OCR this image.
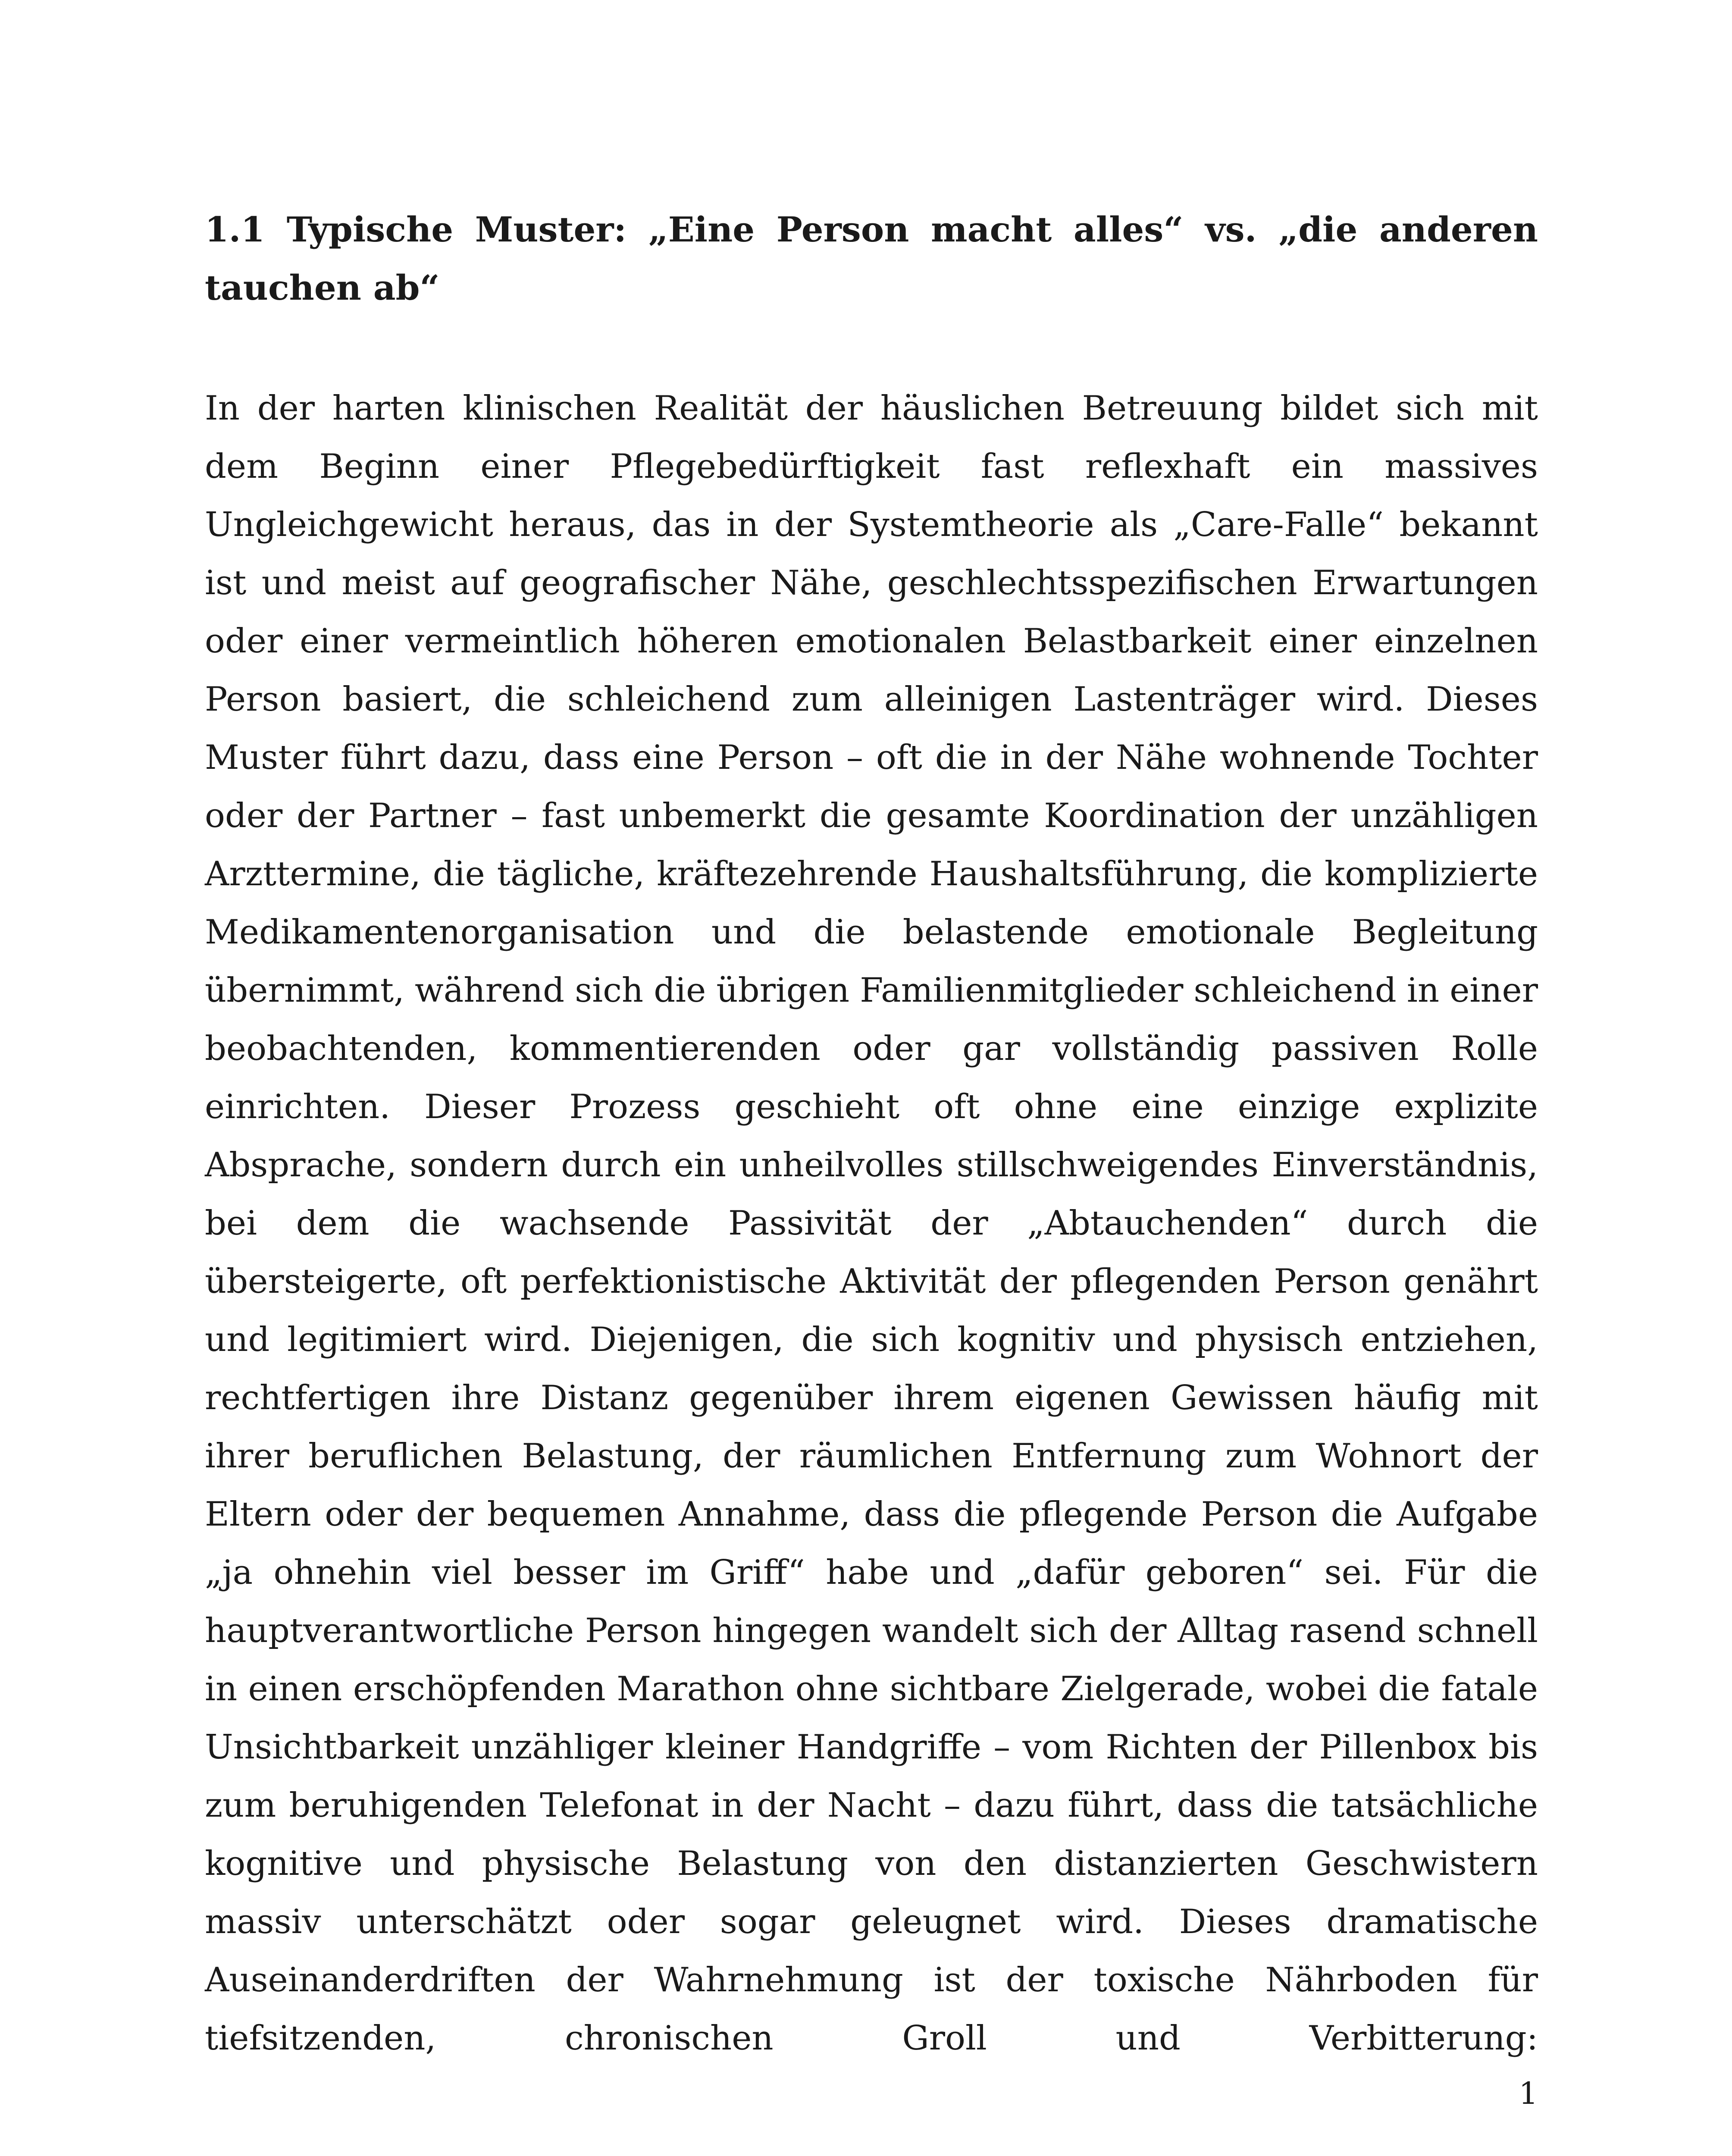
1.1 Typische Muster: „Eine Person macht alles“ vs. „die anderen tauchen ab“

In der harten klinischen Realität der häuslichen Betreuung bildet sich mit dem Beginn einer Pflegebedürftigkeit fast reflexhaft ein massives Ungleichgewicht heraus, das in der Systemtheorie als „Care-Falle“ bekannt ist und meist auf geografischer Nähe, geschlechtsspezifischen Erwartungen oder einer vermeintlich höheren emotionalen Belastbarkeit einer einzelnen Person basiert, die schleichend zum alleinigen Lastenträger wird. Dieses Muster führt dazu, dass eine Person – oft die in der Nähe wohnende Tochter oder der Partner – fast unbemerkt die gesamte Koordination der unzähligen Arzttermine, die tägliche, kräftezehrende Haushaltsführung, die komplizierte Medikamentenorganisation und die belastende emotionale Begleitung übernimmt, während sich die übrigen Familienmitglieder schleichend in einer beobachtenden, kommentierenden oder gar vollständig passiven Rolle einrichten. Dieser Prozess geschieht oft ohne eine einzige explizite Absprache, sondern durch ein unheilvolles stillschweigendes Einverständnis, bei dem die wachsende Passivität der „Abtauchenden“ durch die übersteigerte, oft perfektionistische Aktivität der pflegenden Person genährt und legitimiert wird. Diejenigen, die sich kognitiv und physisch entziehen, rechtfertigen ihre Distanz gegenüber ihrem eigenen Gewissen häufig mit ihrer beruflichen Belastung, der räumlichen Entfernung zum Wohnort der Eltern oder der bequemen Annahme, dass die pflegende Person die Aufgabe „ja ohnehin viel besser im Griff“ habe und „dafür geboren“ sei. Für die hauptverantwortliche Person hingegen wandelt sich der Alltag rasend schnell in einen erschöpfenden Marathon ohne sichtbare Zielgerade, wobei die fatale Unsichtbarkeit unzähliger kleiner Handgriffe – vom Richten der Pillenbox bis zum beruhigenden Telefonat in der Nacht – dazu führt, dass die tatsächliche kognitive und physische Belastung von den distanzierten Geschwistern massiv unterschätzt oder sogar geleugnet wird. Dieses dramatische Auseinanderdriften der Wahrnehmung ist der toxische Nährboden für tiefsitzenden, chronischen Groll und Verbitterung:

1
